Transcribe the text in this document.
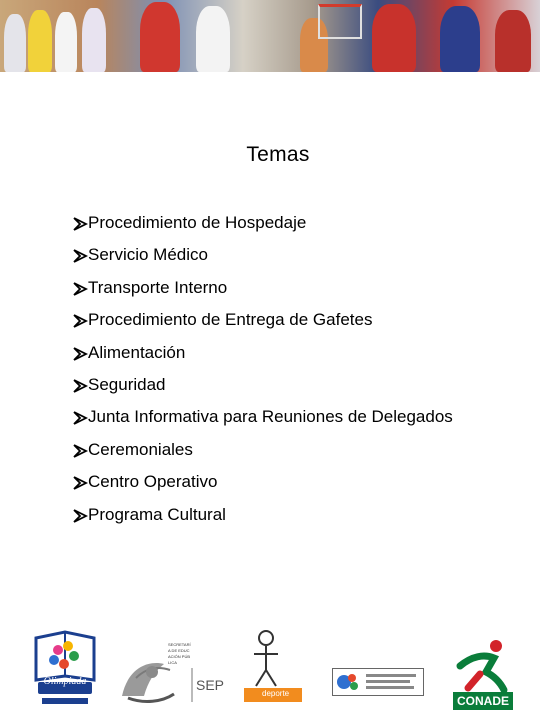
Temas
Procedimiento de Hospedaje
Servicio Médico
Transporte Interno
Procedimiento de Entrega de Gafetes
Alimentación
Seguridad
Junta Informativa para Reuniones de Delegados
Ceremoniales
Centro Operativo
Programa Cultural
Olimpiada	SEP
SECRETARÍA DE EDUCACIÓN PÚBLICA
deporte
CONADE
